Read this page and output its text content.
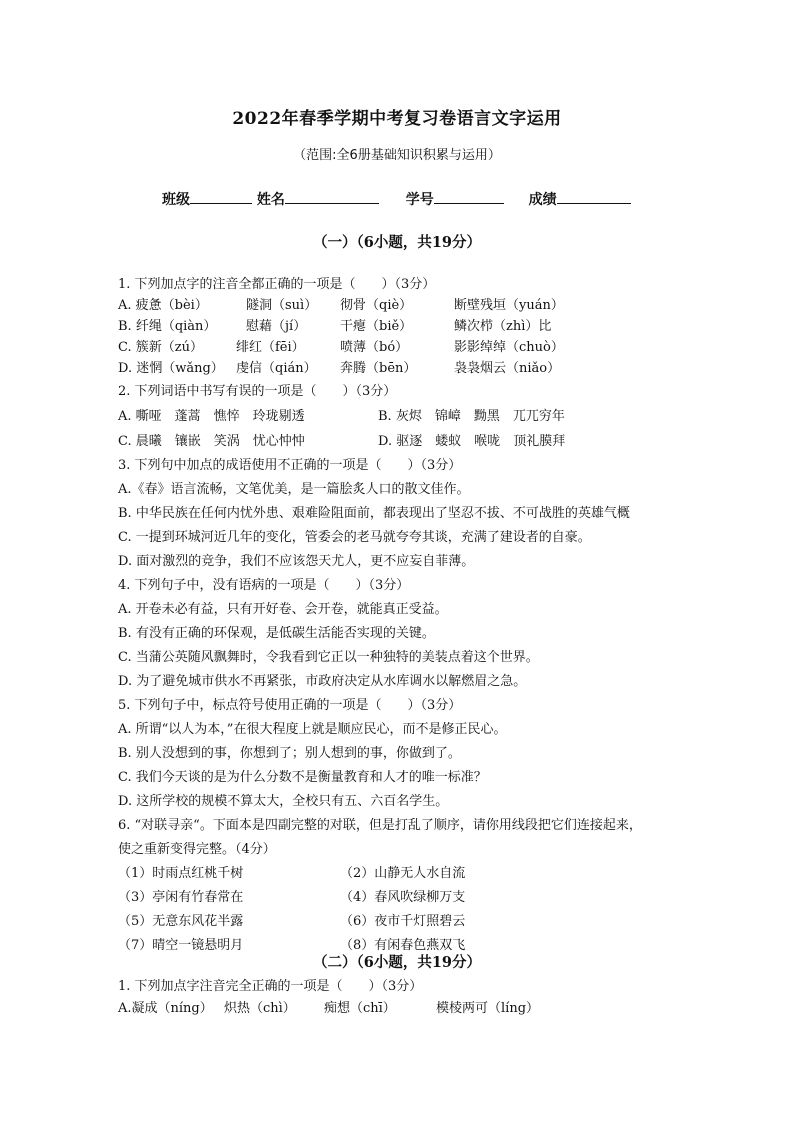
2022年春季学期中考复习卷语言文字运用
（范围:全6册基础知识积累与运用）
班级	姓名	学号	成绩
（一）（6小题，共19分）
1. 下列加点字的注音全都正确的一项是（　　）（3分）
A. 疲惫（bèi）	隧洞（suì） 彻骨（qiè）	断壁残垣（yuán）
B. 纤绳（qiàn） 慰藉（jí）	干瘪（biě）	鳞次栉（zhì）比
C. 簇新（zú）	绯红（fēi）	喷薄（bó）	影影绰绰（chuò）
D. 迷惘（wǎng） 虔信（qián） 奔腾（bēn）	袅袅烟云（niǎo）
2. 下列词语中书写有误的一项是（　　）（3分）
A. 嘶哑　蓬蒿　憔悴　玲珑剔透	B. 灰烬　锦嶂　黝黑　兀兀穷年
C. 晨曦　镶嵌　笑涡　忧心忡忡	D. 驱逐　蝼蚁　喉咙　顶礼膜拜
3. 下列句中加点的成语使用不正确的一项是（　　）（3分）
A.《春》语言流畅，文笔优美，是一篇脍炙人口的散文佳作。
B. 中华民族在任何内忧外患、艰难险阻面前，都表现出了坚忍不拔、不可战胜的英雄气概
C. 一提到环城河近几年的变化，管委会的老马就夸夸其谈，充满了建设者的自豪。
D. 面对激烈的竞争，我们不应该怨天尤人，更不应妄自菲薄。
4. 下列句子中，没有语病的一项是（　　）（3分）
A. 开卷未必有益，只有开好卷、会开卷，就能真正受益。
B. 有没有正确的环保观，是低碳生活能否实现的关键。
C. 当蒲公英随风飘舞时，令我看到它正以一种独特的美装点着这个世界。
D. 为了避免城市供水不再紧张，市政府决定从水库调水以解燃眉之急。
5. 下列句子中，标点符号使用正确的一项是（　　）（3分）
A. 所谓“以人为本，”在很大程度上就是顺应民心，而不是修正民心。
B. 别人没想到的事，你想到了；别人想到的事，你做到了。
C. 我们今天谈的是为什么分数不是衡量教育和人才的唯一标准？
D. 这所学校的规模不算太大，全校只有五、六百名学生。
6. “对联寻亲“。下面本是四副完整的对联，但是打乱了顺序，请你用线段把它们连接起来，
使之重新变得完整。（4分）
（1）时雨点红桃千树	（2）山静无人水自流
（3）亭闲有竹春常在	（4）春风吹绿柳万支
（5）无意东风花半露	（6）夜市千灯照碧云
（7）晴空一镜悬明月	（8）有闲春色燕双飞
（二）（6小题，共19分）
1. 下列加点字注音完全正确的一项是（　　）（3分）
A.凝成（níng） 炽热（chì） 痴想（chī）	模棱两可（líng）
